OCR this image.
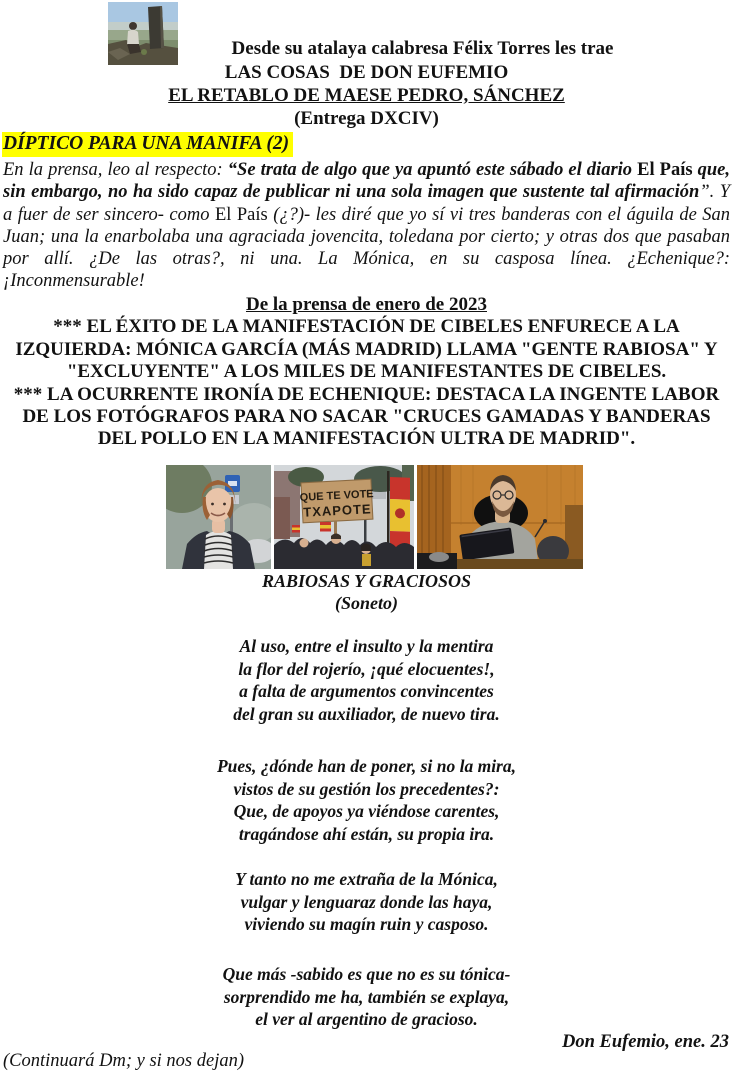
Desde su atalaya calabresa Félix Torres les trae
LAS COSAS  DE DON EUFEMIO
EL RETABLO DE MAESE PEDRO, SÁNCHEZ
(Entrega DXCIV)
DÍPTICO PARA UNA MANIFA (2)

En la prensa, leo al respecto: “Se trata de algo que ya apuntó este sábado el diario El País que, sin embargo, no ha sido capaz de publicar ni una sola imagen que sustente tal afirmación”. Y a fuer de ser sincero- como El País (¿?)- les diré que yo sí vi tres banderas con el águila de San Juan; una la enarbolaba una agraciada jovencita, toledana por cierto; y otras dos que pasaban por allí. ¿De las otras?, ni una. La Mónica, en su casposa línea. ¿Echenique?: ¡Inconmensurable!

De la prensa de enero de 2023

*** EL ÉXITO DE LA MANIFESTACIÓN DE CIBELES ENFURECE A LA IZQUIERDA: MÓNICA GARCÍA (MÁS MADRID) LLAMA "GENTE RABIOSA" Y "EXCLUYENTE" A LOS MILES DE MANIFESTANTES DE CIBELES.

*** LA OCURRENTE IRONÍA DE ECHENIQUE: DESTACA LA INGENTE LABOR DE LOS FOTÓGRAFOS PARA NO SACAR "CRUCES GAMADAS Y BANDERAS DEL POLLO EN LA MANIFESTACIÓN ULTRA DE MADRID".

QUE TE VOTE
TXAPOTE
RABIOSAS Y GRACIOSOS
(Soneto)
Al uso, entre el insulto y la mentira
la flor del rojerío, ¡qué elocuentes!,
a falta de argumentos convincentes
del gran su auxiliador, de nuevo tira.
Pues, ¿dónde han de poner, si no la mira,
vistos de su gestión los precedentes?:
Que, de apoyos ya viéndose carentes,
tragándose ahí están, su propia ira.
Y tanto no me extraña de la Mónica,
vulgar y lenguaraz donde las haya,
viviendo su magín ruin y casposo.
Que más -sabido es que no es su tónica-
sorprendido me ha, también se explaya,
el ver al argentino de gracioso.
Don Eufemio, ene. 23
(Continuará Dm; y si nos dejan)
